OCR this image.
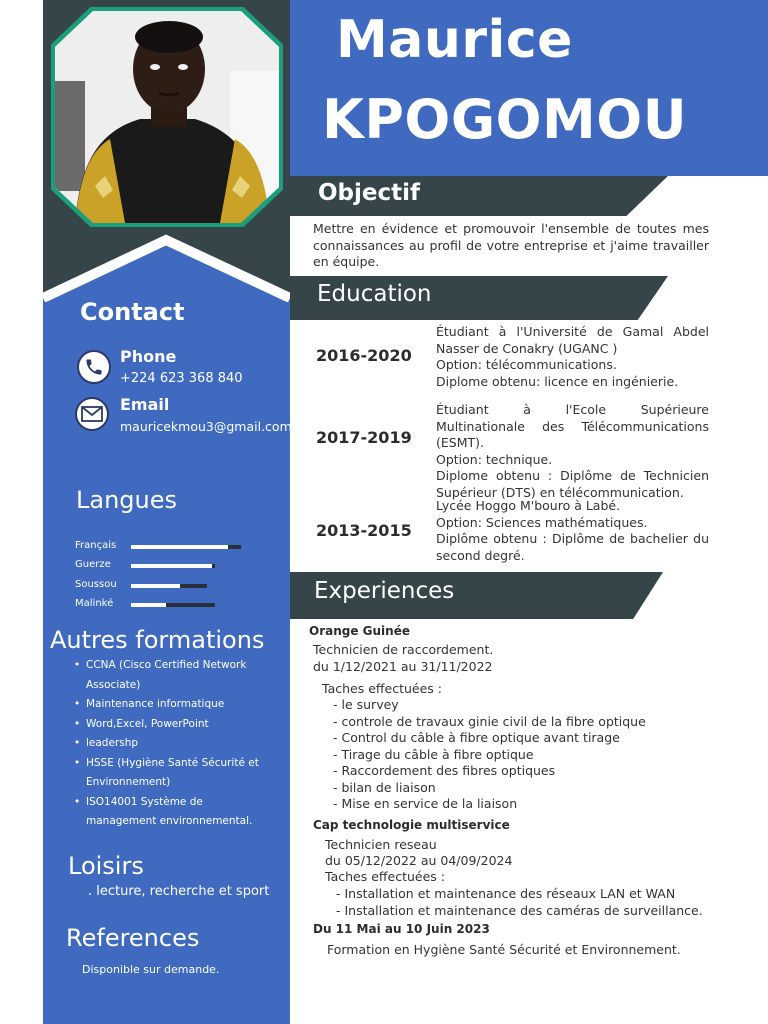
Contact
Phone
+224 623 368 840
Email
mauricekmou3@gmail.com
Langues
Français
Guerze
Soussou
Malinké
Autres formations
• CCNA (Cisco Certified Network Associate)
• Maintenance informatique
• Word,Excel, PowerPoint
• leadershp
• HSSE (Hygiène Santé Sécurité et Environnement)
• ISO14001 Système de management environnemental.
Loisirs
. lecture, recherche et sport
References
Disponible sur demande.
Maurice
KPOGOMOU
Objectif
Mettre en évidence et promouvoir l'ensemble de toutes mes connaissances au profil de votre entreprise et j'aime travailler en équipe.
Education
2016-2020
Étudiant à l'Université de Gamal Abdel Nasser de Conakry (UGANC )
Option: télécommunications.
Diplome obtenu: licence en ingénierie.
2017-2019
Étudiant à l'Ecole Supérieure Multinationale des Télécommunications (ESMT).
Option: technique.
Diplome obtenu : Diplôme de Technicien Supérieur (DTS) en télécommunication.
2013-2015
Lycée Hoggo M'bouro à Labé.
Option: Sciences mathématiques.
Diplôme obtenu : Diplôme de bachelier du second degré.
Experiences
Orange Guinée
Technicien de raccordement.
du 1/12/2021 au 31/11/2022
Taches effectuées :
- le survey
- controle de travaux ginie civil de la fibre optique
- Control du câble à fibre optique avant tirage
- Tirage du câble à fibre optique
- Raccordement des fibres optiques
- bilan de liaison
- Mise en service de la liaison
Cap technologie multiservice
Technicien reseau
du 05/12/2022 au 04/09/2024
Taches effectuées :
- Installation et maintenance des réseaux LAN et WAN
- Installation et maintenance des caméras de surveillance.
Du 11 Mai au 10 Juin 2023
Formation en Hygiène Santé Sécurité et Environnement.
